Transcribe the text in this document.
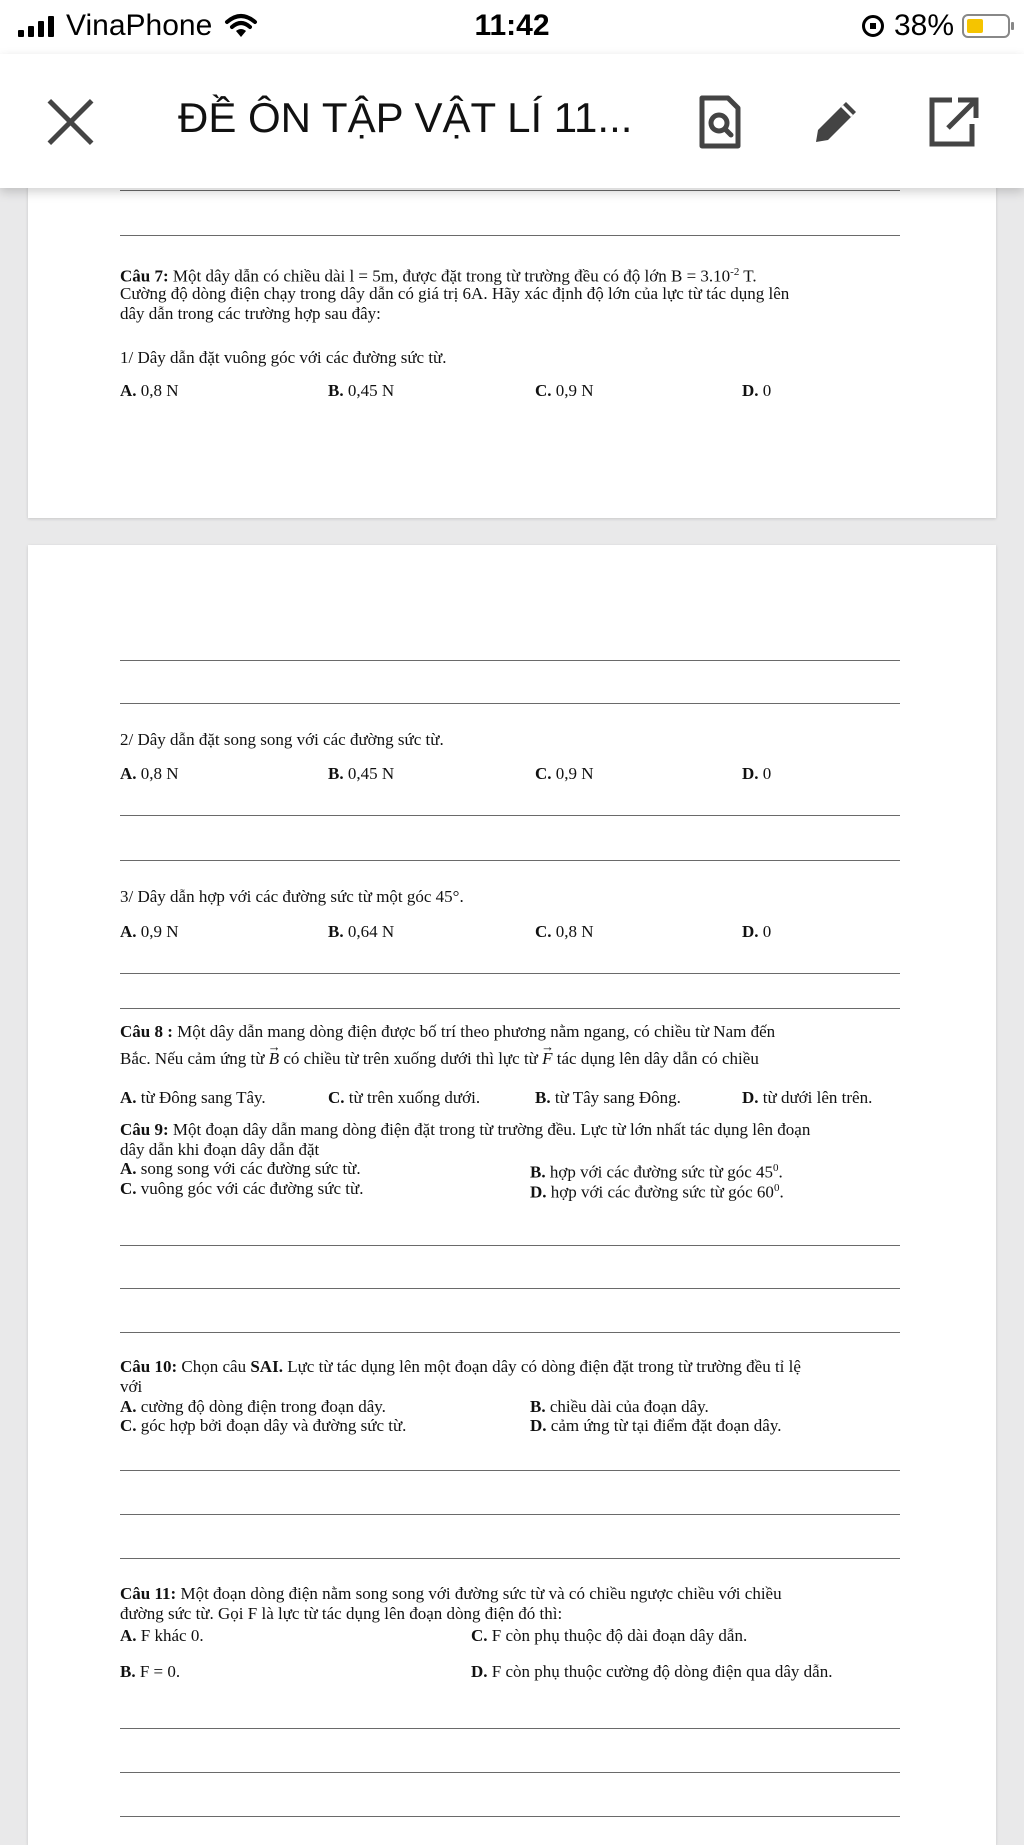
VinaPhone	11:42	38%
ĐỀ ÔN TẬP VẬT LÍ 11...
Câu 7: Một dây dẫn có chiều dài l = 5m, được đặt trong từ trường đều có độ lớn $B = 3.10^{-2}$ T.
Cường độ dòng điện chạy trong dây dẫn có giá trị 6A. Hãy xác định độ lớn của lực từ tác dụng lên
dây dẫn trong các trường hợp sau đây:
1/ Dây dẫn đặt vuông góc với các đường sức từ.
A. 0,8 N	B. 0,45 N	C. 0,9 N	D. 0
2/ Dây dẫn đặt song song với các đường sức từ.
A. 0,8 N	B. 0,45 N	C. 0,9 N	D. 0
3/ Dây dẫn hợp với các đường sức từ một góc 45°.
A. 0,9 N	B. 0,64 N	C. 0,8 N	D. 0
Câu 8 : Một dây dẫn mang dòng điện được bố trí theo phương nằm ngang, có chiều từ Nam đến
Bắc. Nếu cảm ứng từ → B có chiều từ trên xuống dưới thì lực từ → F tác dụng lên dây dẫn có chiều
A. từ Đông sang Tây.	C. từ trên xuống dưới.	B. từ Tây sang Đông.	D. từ dưới lên trên.
Câu 9: Một đoạn dây dẫn mang dòng điện đặt trong từ trường đều. Lực từ lớn nhất tác dụng lên đoạn
dây dẫn khi đoạn dây dẫn đặt
A. song song với các đường sức từ.	B. hợp với các đường sức từ góc $45^0$.
C. vuông góc với các đường sức từ.	D. hợp với các đường sức từ góc $60^0$.
Câu 10: Chọn câu SAI. Lực từ tác dụng lên một đoạn dây có dòng điện đặt trong từ trường đều tỉ lệ
với
A. cường độ dòng điện trong đoạn dây.	B. chiều dài của đoạn dây.
C. góc hợp bởi đoạn dây và đường sức từ.	D. cảm ứng từ tại điểm đặt đoạn dây.
Câu 11: Một đoạn dòng điện nằm song song với đường sức từ và có chiều ngược chiều với chiều
đường sức từ. Gọi F là lực từ tác dụng lên đoạn dòng điện đó thì:
A. F khác 0.	C. F còn phụ thuộc độ dài đoạn dây dẫn.
B. F = 0.	D. F còn phụ thuộc cường độ dòng điện qua dây dẫn.
